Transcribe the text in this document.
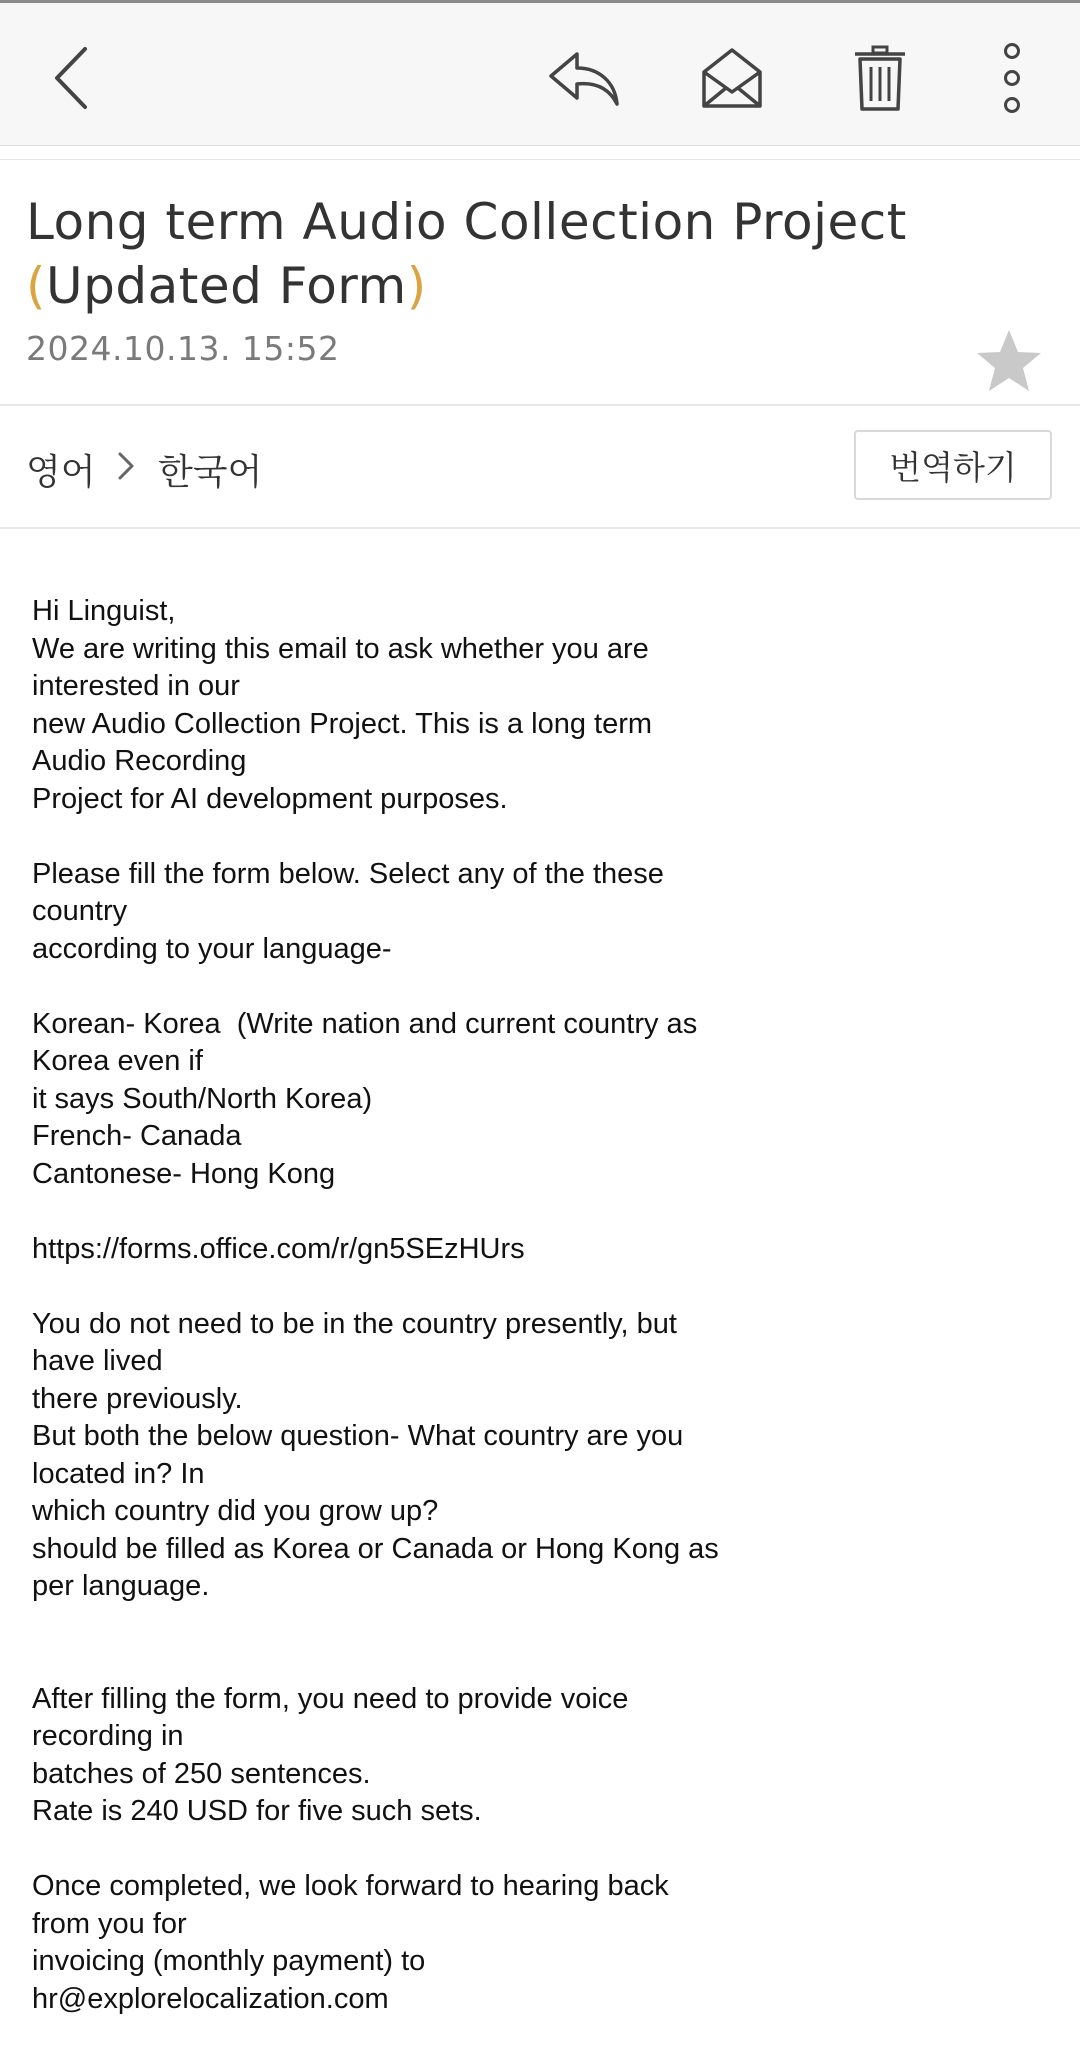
Long term Audio Collection Project
(Updated Form)
2024.10.13. 15:52
영어 한국어	번역하기
Hi Linguist,
We are writing this email to ask whether you are
interested in our
new Audio Collection Project. This is a long term
Audio Recording
Project for AI development purposes.
Please fill the form below. Select any of the these
country
according to your language-
Korean- Korea  (Write nation and current country as
Korea even if
it says South/North Korea)
French- Canada
Cantonese- Hong Kong
https://forms.office.com/r/gn5SEzHUrs
You do not need to be in the country presently, but
have lived
there previously.
But both the below question- What country are you
located in? In
which country did you grow up?
should be filled as Korea or Canada or Hong Kong as
per language.
After filling the form, you need to provide voice
recording in
batches of 250 sentences.
Rate is 240 USD for five such sets.
Once completed, we look forward to hearing back
from you for
invoicing (monthly payment) to
hr@explorelocalization.com
